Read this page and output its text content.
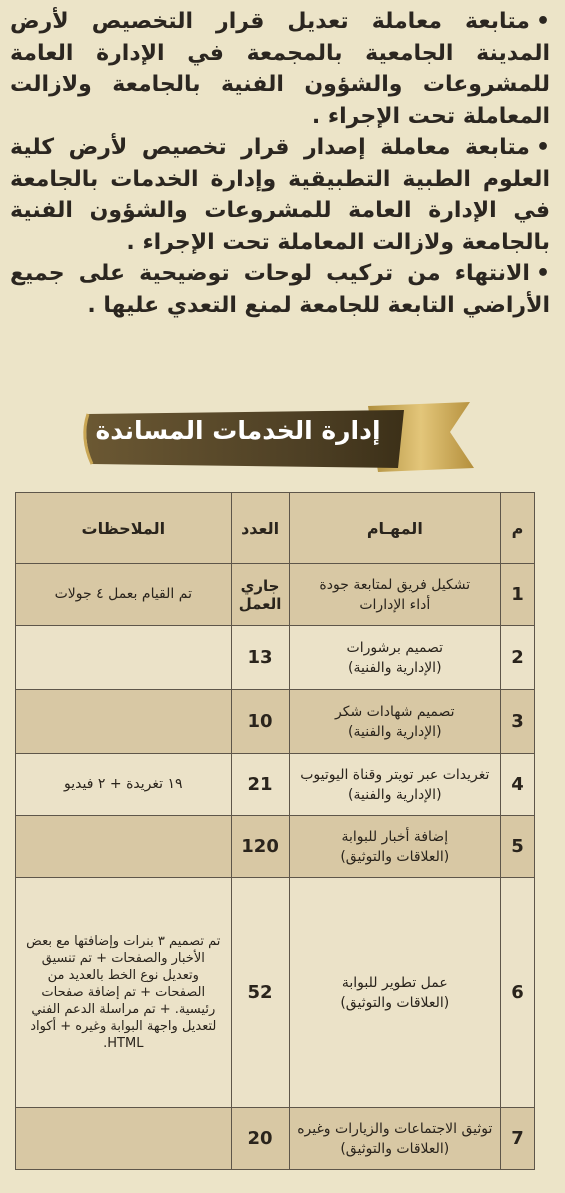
•متابعة معاملة تعديل قرار التخصيص لأرض المدينة الجامعية بالمجمعة في الإدارة العامة للمشروعات والشؤون الفنية بالجامعة ولازالت المعاملة تحت الإجراء .

•متابعة معاملة إصدار قرار تخصيص لأرض كلية العلوم الطبية التطبيقية وإدارة الخدمات بالجامعة في الإدارة العامة للمشروعات والشؤون الفنية بالجامعة ولازالت المعاملة تحت الإجراء .

•الانتهاء من تركيب لوحات توضيحية على جميع الأراضي التابعة للجامعة لمنع التعدي عليها .

إدارة الخدمات المساندة
م	المهـام	العدد	الملاحظات
1	تشكيل فريق لمتابعة جودة
أداء الإدارات	جاري العمل	تم القيام بعمل ٤ جولات
2	تصميم برشورات
(الإدارية والفنية)	13	
3	تصميم شهادات شكر
(الإدارية والفنية)	10	
4	تغريدات عبر تويتر وقناة اليوتيوب
(الإدارية والفنية)	21	١٩ تغريدة + ٢ فيديو
5	إضافة أخبار للبوابة
(العلاقات والتوثيق)	120	
6	عمل تطوير للبوابة
(العلاقات والتوثيق)	52	تم تصميم ٣ بنرات وإضافتها مع بعض الأخبار والصفحات + تم تنسيق وتعديل نوع الخط بالعديد من الصفحات + تم إضافة صفحات رئيسية. + تم مراسلة الدعم الفني لتعديل واجهة البوابة وغيره + أكواد HTML.
7	توثيق الاجتماعات والزيارات وغيره
(العلاقات والتوثيق)	20	
